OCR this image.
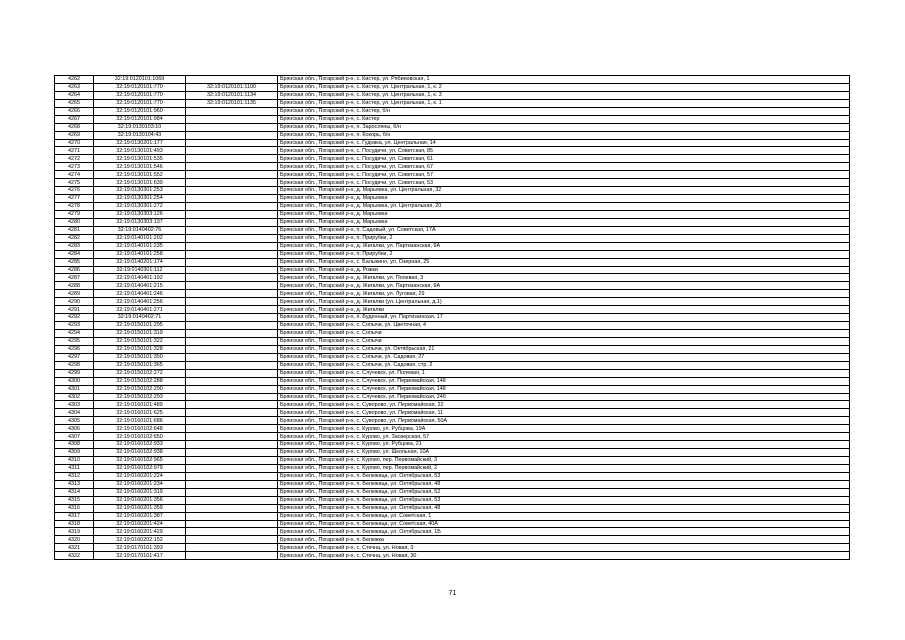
4262	32:19:0120101:1069		Брянская обл., Погарский р-н, с. Кистер, ул. Рябиновская, 1
4263	32:19:0120101:770	32:19:0120101:1100	Брянская обл., Погарский р-н, с. Кистер, ул. Центральная, 1, к. 2
4264	32:19:0120101:770	32:19:0120101:1134	Брянская обл., Погарский р-н, с. Кистер, ул. Центральная, 1, к. 3
4265	32:19:0120101:770	32:19:0120101:1135	Брянская обл., Погарский р-н, с. Кистер, ул. Центральная, 1, к. 1
4266	32:19:0120101:960		Брянская обл., Погарский р-н, с. Кистер, б/н
4267	32:19:0120101:984		Брянская обл., Погарский р-н, с. Кистер
4268	32:19:0130103:10		Брянская обл., Погарский р-н, п. Заросляны, б/н
4269	32:19:0130104:43		Брянская обл., Погарский р-н, п. Кокорь, б/н
4270	32:19:0130201:177		Брянская обл., Погарский р-н, с. Гудовка, ул. Центральная, 14
4271	32:19:0130101:493		Брянская обл., Погарский р-н, с. Посудичи, ул. Советская, 85
4272	32:19:0130101:535		Брянская обл., Погарский р-н, с. Посудичи, ул. Советская, 61
4273	32:19:0130101:546		Брянская обл., Погарский р-н, с. Посудичи, ул. Советская, 67
4274	32:19:0130101:552		Брянская обл., Погарский р-н, с. Посудичи, ул. Советская, 57
4275	32:19:0130101:639		Брянская обл., Погарский р-н, с. Посудичи, ул. Советская, 53
4276	32:19:0130301:253		Брянская обл., Погарский р-н, д. Марьевка, ул. Центральная, 32
4277	32:19:0130301:254		Брянская обл., Погарский р-н, д. Марьевка
4278	32:19:0130301:272		Брянская обл., Погарский р-н, д. Марьевка, ул. Центральная, 20
4279	32:19:0130303:126		Брянская обл., Погарский р-н, д. Марьевка
4280	32:19:0130303:137		Брянская обл., Погарский р-н, д. Марьевка
4281	32:19:0140402:76		Брянская обл., Погарский р-н, п. Садовый, ул. Советская, 17А
4282	32:19:0140101:202		Брянская обл., Погарский р-н, п. Прирубки, 2
4283	32:19:0140101:235		Брянская обл., Погарский р-н, д. Жигалки, ул. Партизанская, 9А
4284	32:19:0140101:258		Брянская обл., Погарский р-н, п. Прирубки, 2
4285	32:19:0140201:174		Брянская обл., Погарский р-н, с. Балыкино, ул. Озерная, 25
4286	32:19:0140301:112		Брянская обл., Погарский р-н, д. Рожки
4287	32:19:0140401:192		Брянская обл., Погарский р-н, д. Жигалки, ул. Полевая, 3
4288	32:19:0140401:215		Брянская обл., Погарский р-н, д. Жигалки, ул. Партизанская, 9А
4289	32:19:0140401:246		Брянская обл., Погарский р-н, д. Жигалки, ул. Луговая, 29
4290	32:19:0140401:256		Брянская обл., Погарский р-н, д. Жигалки (ул. Центральная, д.1)
4291	32:19:0140401:271		Брянская обл., Погарский р-н, д. Жигалки
4292	32:19:0140402:71		Брянская обл., Погарский р-н, п. Буденный, ул. Партизанская, 17
4293	32:19:0150101:295		Брянская обл., Погарский р-н, с. Сопычи, ул. Цветочная, 4
4294	32:19:0150101:319		Брянская обл., Погарский р-н, с. Сопычи
4295	32:19:0150101:322		Брянская обл., Погарский р-н, с. Сопычи
4296	32:19:0150101:328		Брянская обл., Погарский р-н, с. Сопычи, ул. Октябрьская, 21
4297	32:19:0150101:350		Брянская обл., Погарский р-н, с. Сопычи, ул. Садовая, 27
4298	32:19:0150101:365		Брянская обл., Погарский р-н, с. Сопычи, ул. Садовая, стр. 2
4299	32:19:0150102:272		Брянская обл., Погарский р-н, с. Случевск, ул. Полевая, 1
4300	32:19:0150102:288		Брянская обл., Погарский р-н, с. Случевск, ул. Первомайская, 148
4301	32:19:0150102:290		Брянская обл., Погарский р-н, с. Случевск, ул. Первомайская, 148
4302	32:19:0150102:293		Брянская обл., Погарский р-н, с. Случевск, ул. Первомайская, 24б
4303	32:19:0160101:489		Брянская обл., Погарский р-н, с. Суворово, ул. Первомайская, 22
4304	32:19:0160101:625		Брянская обл., Погарский р-н, с. Суворово, ул. Первомайская, 11
4305	32:19:0160101:686		Брянская обл., Погарский р-н, с. Суворово, ул. Первомайская, 50А
4306	32:19:0160102:648		Брянская обл., Погарский р-н, с. Курово, ул. Рубцова, 19А
4307	32:19:0160102:650		Брянская обл., Погарский р-н, с. Курово, ул. Заозерская, 57
4308	32:19:0160102:933		Брянская обл., Погарский р-н, с. Курово, ул. Рубцова, 21
4309	32:19:0160102:938		Брянская обл., Погарский р-н, с. Курово, ул. Школьная, 10А
4310	32:19:0160102:965		Брянская обл., Погарский р-н, с. Курово, пер. Первомайский, 3
4311	32:19:0160102:979		Брянская обл., Погарский р-н, с. Курово, пер. Первомайский, 2
4312	32:19:0160201:224		Брянская обл., Погарский р-н, п. Бележица, ул. Октябрьская, 53
4313	32:19:0160201:234		Брянская обл., Погарский р-н, п. Бележица, ул. Октябрьская, 48
4314	32:19:0160201:319		Брянская обл., Погарский р-н, п. Бележица, ул. Октябрьская, 52
4315	32:19:0160201:356		Брянская обл., Погарский р-н, п. Бележица, ул. Октябрьская, 53
4316	32:19:0160201:359		Брянская обл., Погарский р-н, п. Бележица, ул. Октябрьская, 48
4317	32:19:0160201:387		Брянская обл., Погарский р-н, п. Бележица, ул. Советская, 1
4318	32:19:0160201:424		Брянская обл., Погарский р-н, п. Бележица, ул. Советская, 40А
4319	32:19:0160201:429		Брянская обл., Погарский р-н, п. Бележица, ул. Октябрьская, 1Б
4320	32:19:0160202:152		Брянская обл., Погарский р-н, п. Бележка
4321	32:19:0170101:393		Брянская обл., Погарский р-н, с. Стечна, ул. Новая, 3
4322	32:19:0170101:417		Брянская обл., Погарский р-н, с. Стечна, ул. Новая, 30
71
